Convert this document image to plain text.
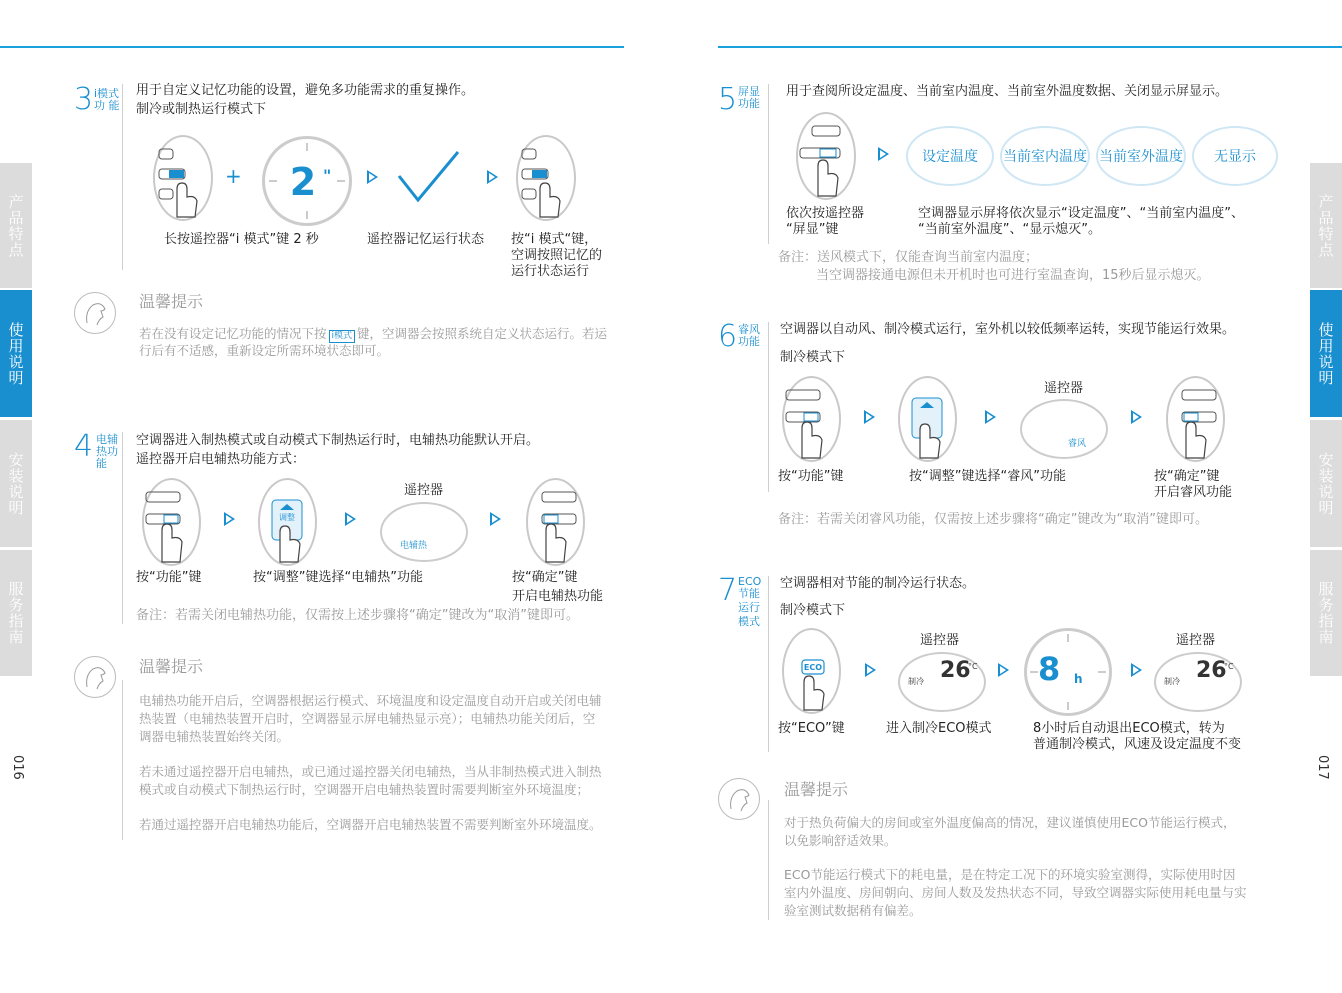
产品特点
使用说明
安装说明
服务指南
016
产品特点
使用说明
安装说明
服务指南
017
3 i模式
功 能
用于自定义记忆功能的设置，避免多功能需求的重复操作。
制冷或制热运行模式下
+ 2 "
长按遥控器“i 模式”键 2 秒	遥控器记忆运行状态 按“i 模式“键，
空调按照记忆的
运行状态运行
温馨提示
若在没有设定记忆功能的情况下按 i模式 键，空调器会按照系统自定义状态运行。若运
行后有不适感，重新设定所需环境状态即可。
4 电辅
热功
能
空调器进入制热模式或自动模式下制热运行时，电辅热功能默认开启。
遥控器开启电辅热功能方式：
调整
遥控器
电辅热
按“功能”键	按“调整”键选择“电辅热”功能	按“确定”键
开启电辅热功能
备注：若需关闭电辅热功能，仅需按上述步骤将“确定”键改为“取消”键即可。
温馨提示
电辅热功能开启后，空调器根据运行模式、环境温度和设定温度自动开启或关闭电辅
热装置（电辅热装置开启时，空调器显示屏电辅热显示亮）；电辅热功能关闭后，空
调器电辅热装置始终关闭。
若未通过遥控器开启电辅热，或已通过遥控器关闭电辅热，当从非制热模式进入制热
模式或自动模式下制热运行时，空调器开启电辅热装置时需要判断室外环境温度；
若通过遥控器开启电辅热功能后，空调器开启电辅热装置不需要判断室外环境温度。
5 屏显
功能
用于查阅所设定温度、当前室内温度、当前室外温度数据、关闭显示屏显示。
设定温度	当前室内温度 当前室外温度	无显示
依次按遥控器
“屏显”键
空调器显示屏将依次显示“设定温度”、“当前室内温度”、
“当前室外温度”、“显示熄灭”。
备注：送风模式下，仅能查询当前室内温度；
当空调器接通电源但未开机时也可进行室温查询，15秒后显示熄灭。
6 睿风
功能
空调器以自动风、制冷模式运行，室外机以较低频率运转，实现节能运行效果。
制冷模式下
遥控器
睿风
按“功能”键	按“调整”键选择“睿风”功能	按“确定”键
开启睿风功能
备注：若需关闭睿风功能，仅需按上述步骤将“确定”键改为“取消”键即可。
7 ECO
节能
运行
模式
空调器相对节能的制冷运行状态。
制冷模式下
ECO
遥控器
26
°C
制冷	8 h
遥控器
26
°C
制冷
按“ECO”键	进入制冷ECO模式	8小时后自动退出ECO模式，转为
普通制冷模式，风速及设定温度不变
温馨提示
对于热负荷偏大的房间或室外温度偏高的情况，建议谨慎使用ECO节能运行模式，
以免影响舒适效果。
ECO节能运行模式下的耗电量，是在特定工况下的环境实验室测得，实际使用时因
室内外温度、房间朝向、房间人数及发热状态不同，导致空调器实际使用耗电量与实
验室测试数据稍有偏差。
